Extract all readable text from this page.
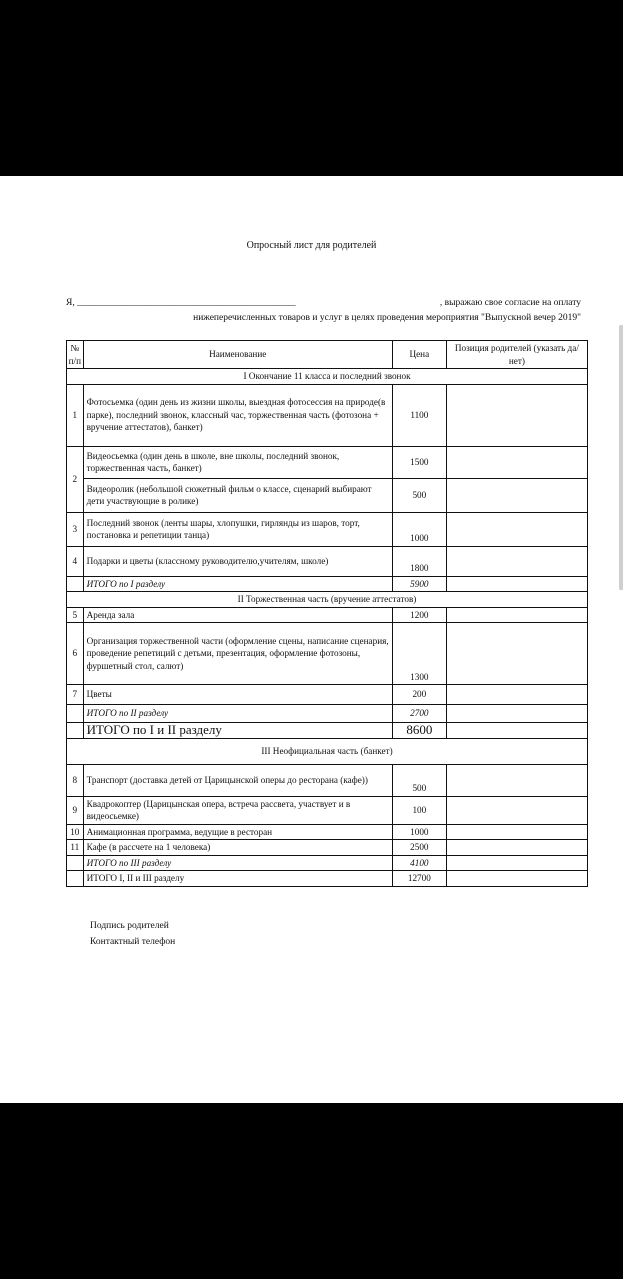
Опросный лист для родителей
Я, ______________________________________________	, выражаю свое согласие на оплату
нижеперечисленных товаров и услуг в целях проведения мероприятия "Выпускной вечер 2019"
№ п/п	Наименование	Цена	Позиция родителей (указать да/нет)
I Окончание 11 класса и последний звонок			
1	Фотосьемка (один день из жизни школы, выездная фотосессия на природе(в парке), последний звонок, классный час, торжественная часть (фотозона + вручение аттестатов), банкет)	1100	
2	Видеосьемка (один день в школе, вне школы, последний звонок, торжественная часть, банкет)	1500	
	Видеоролик (небольшой сюжетный фильм о классе, сценарий выбирают дети участвующие в ролике)	500	
3	Последний звонок (ленты шары, хлопушки, гирлянды из шаров, торт, постановка и репетиции танца)	1000	
4	Подарки и цветы (классному руководителю,учителям, школе)	1800	
	ИТОГО по I разделу	5900	
II Торжественная часть (вручение аттестатов)			
5	Аренда зала	1200	
6	Организация торжественной части (оформление сцены, написание сценария, проведение репетиций с детьми, презентация, оформление фотозоны, фуршетный стол, салют)	1300	
7	Цветы	200	
	ИТОГО по II разделу	2700	
	ИТОГО по I и II разделу	8600	
III Неофициальная часть (банкет)			
8	Транспорт (доставка детей от Царицынской оперы до ресторана (кафе))	500	
9	Квадрокоптер (Царицынская опера, встреча рассвета, участвует и в видеосьемке)	100	
10	Анимационная программа, ведущие в ресторан	1000	
11	Кафе (в рассчете на 1 человека)	2500	
	ИТОГО по III разделу	4100	
	ИТОГО I, II и III разделу	12700	
Подпись родителей
Контактный телефон
